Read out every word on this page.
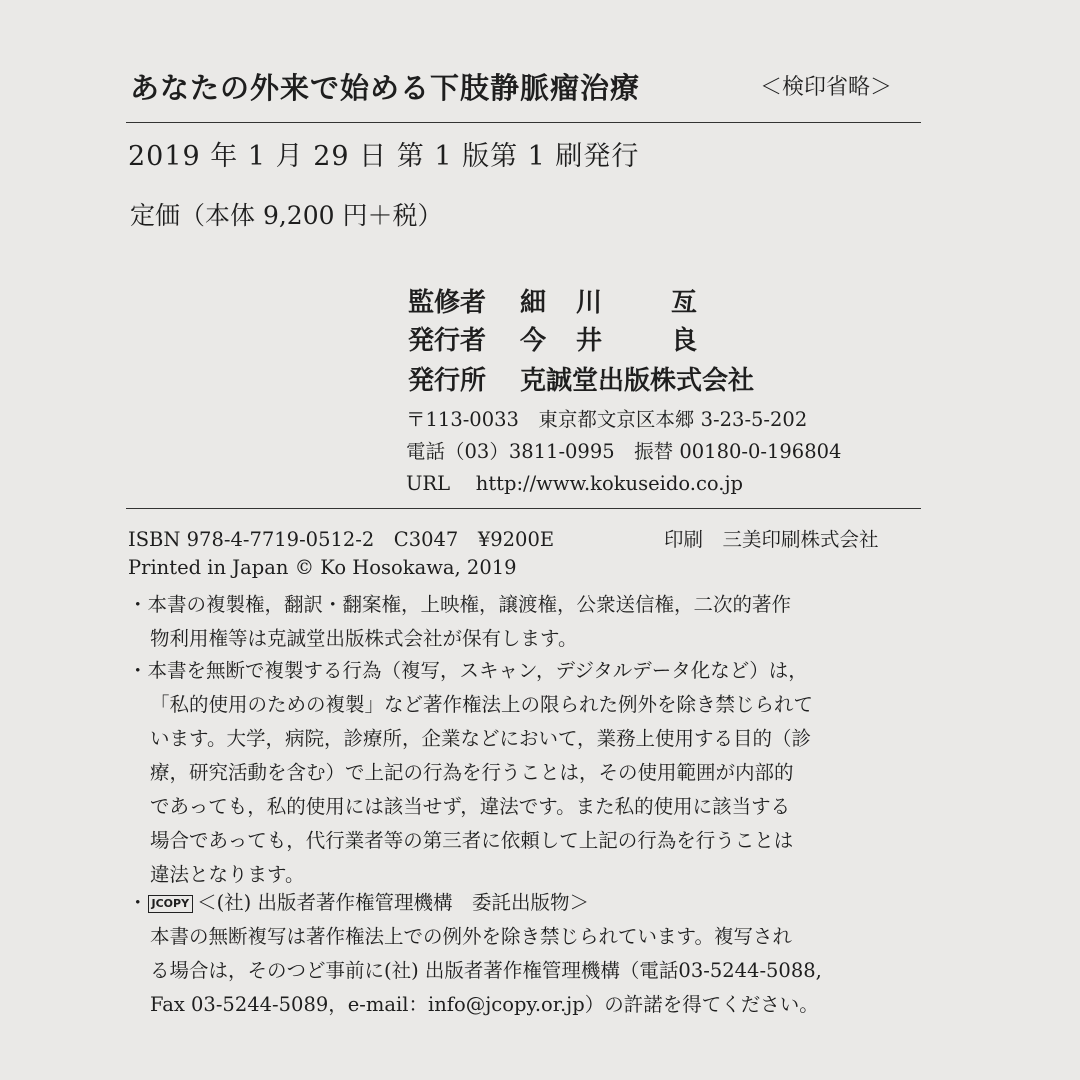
あなたの外来で始める下肢静脈瘤治療	＜検印省略＞
2019 年 1 月 29 日 第 1 版第 1 刷発行
定価（本体 9,200 円＋税）
監修者 細　川　　 亙
発行者 今　井　　 良
発行所 克誠堂出版株式会社
〒113-0033　東京都文京区本郷 3-23-5-202
電話（03）3811-0995　振替 00180-0-196804
URL　 http://www.kokuseido.co.jp
ISBN 978-4-7719-0512-2　C3047　¥9200E	印刷　三美印刷株式会社
Printed in Japan © Ko Hosokawa, 2019
・本書の複製権，翻訳・翻案権，上映権，譲渡権，公衆送信権，二次的著作
物利用権等は克誠堂出版株式会社が保有します。
・本書を無断で複製する行為（複写，スキャン，デジタルデータ化など）は，
「私的使用のための複製」など著作権法上の限られた例外を除き禁じられて
います。大学，病院，診療所，企業などにおいて，業務上使用する目的（診
療，研究活動を含む）で上記の行為を行うことは，その使用範囲が内部的
であっても，私的使用には該当せず，違法です。また私的使用に該当する
場合であっても，代行業者等の第三者に依頼して上記の行為を行うことは
違法となります。
・ JCOPY ＜(社) 出版者著作権管理機構　委託出版物＞
本書の無断複写は著作権法上での例外を除き禁じられています。複写され
る場合は，そのつど事前に(社) 出版者著作権管理機構（電話03-5244-5088,
Fax 03-5244-5089，e-mail：info@jcopy.or.jp）の許諾を得てください。
